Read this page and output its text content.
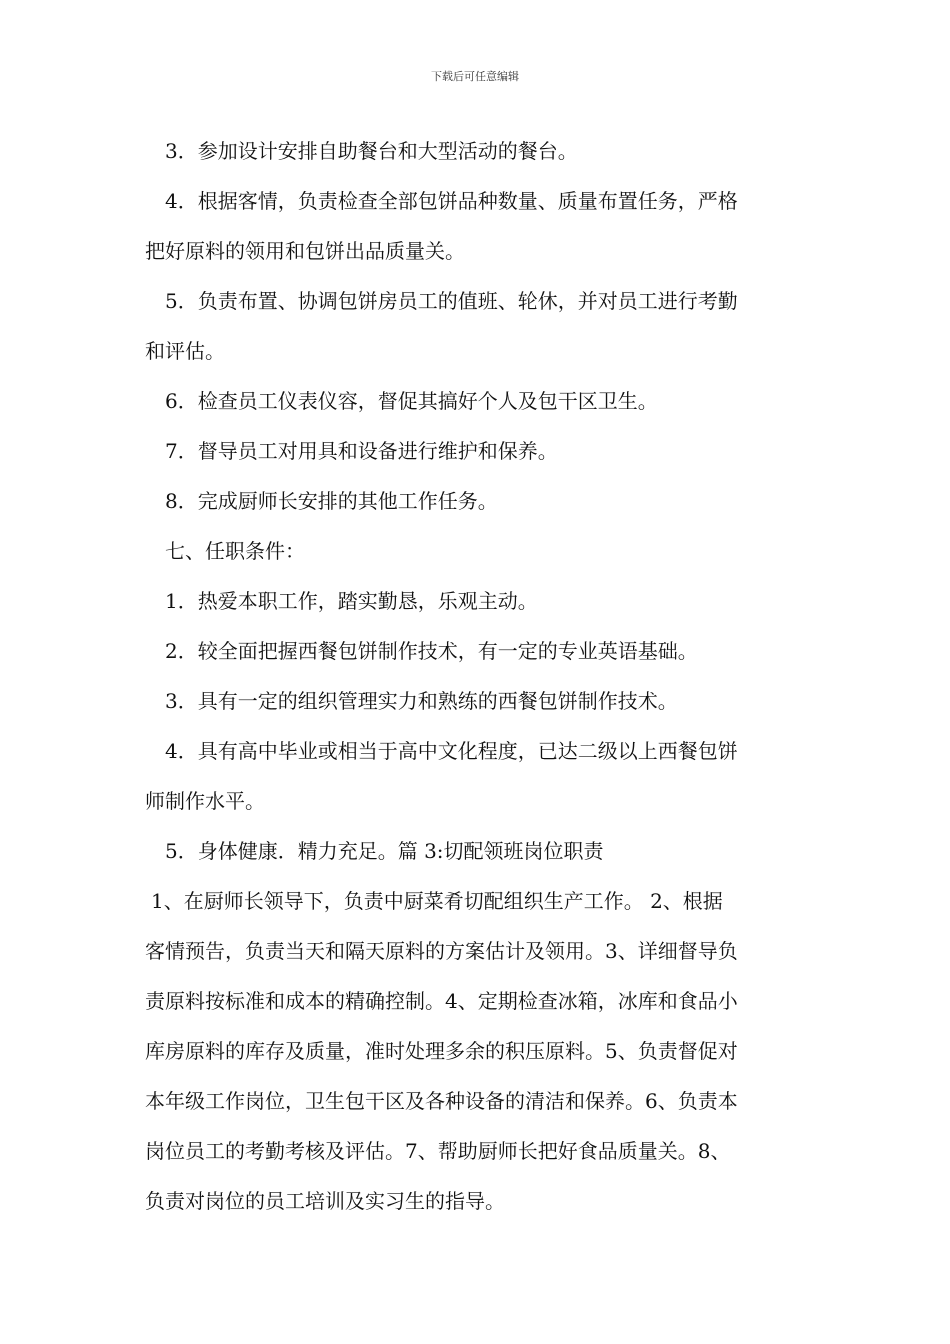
下载后可任意编辑
3．参加设计安排自助餐台和大型活动的餐台。
4．根据客情，负责检查全部包饼品种数量、质量布置任务，严格
把好原料的领用和包饼出品质量关。
5．负责布置、协调包饼房员工的值班、轮休，并对员工进行考勤
和评估。
6．检查员工仪表仪容，督促其搞好个人及包干区卫生。
7．督导员工对用具和设备进行维护和保养。
8．完成厨师长安排的其他工作任务。
七、任职条件：
1．热爱本职工作，踏实勤恳，乐观主动。
2．较全面把握西餐包饼制作技术，有一定的专业英语基础。
3．具有一定的组织管理实力和熟练的西餐包饼制作技术。
4．具有高中毕业或相当于高中文化程度，已达二级以上西餐包饼
师制作水平。
5．身体健康．精力充足。篇 3:切配领班岗位职责
1、在厨师长领导下，负责中厨菜肴切配组织生产工作。 2、根据
客情预告，负责当天和隔天原料的方案估计及领用。3、详细督导负
责原料按标准和成本的精确控制。4、定期检查冰箱，冰库和食品小
库房原料的库存及质量，准时处理多余的积压原料。5、负责督促对
本年级工作岗位，卫生包干区及各种设备的清洁和保养。6、负责本
岗位员工的考勤考核及评估。7、帮助厨师长把好食品质量关。8、
负责对岗位的员工培训及实习生的指导。
